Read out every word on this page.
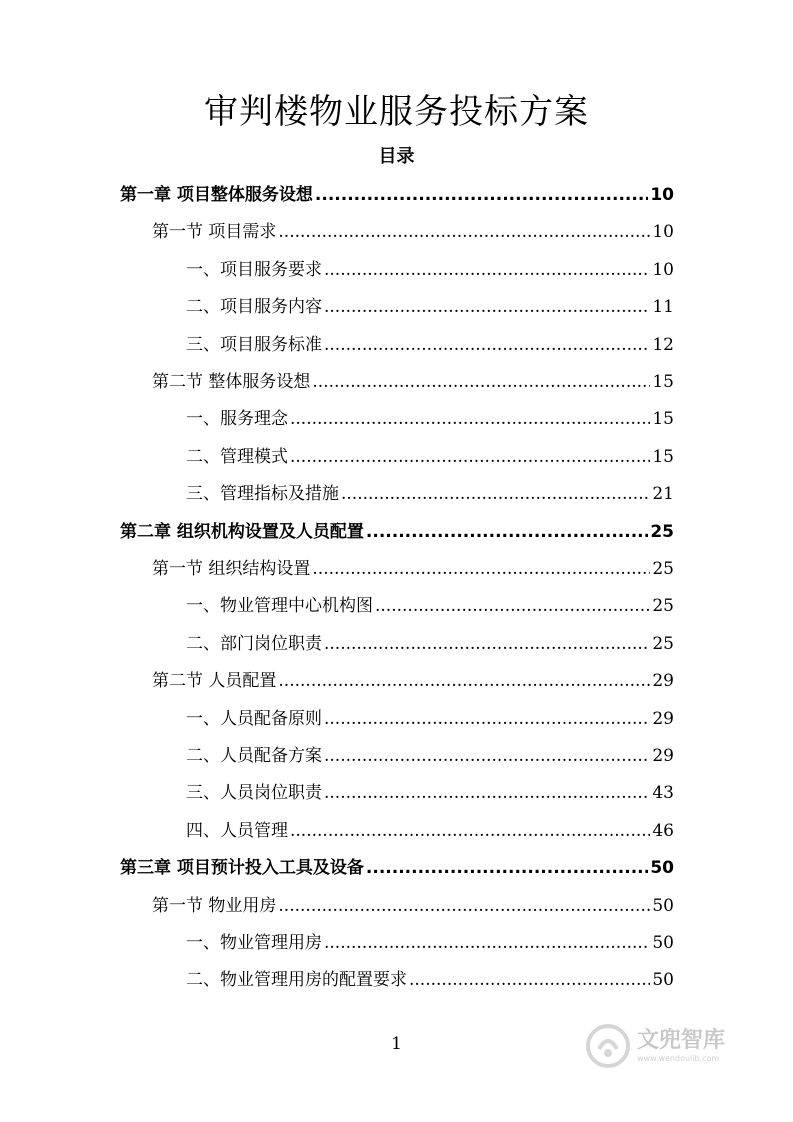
审判楼物业服务投标方案
目录
第一章 项目整体服务设想 .....	10
第一节 项目需求 .....	10
一、项目服务要求 .....	10
二、项目服务内容 .....	11
三、项目服务标准 .....	12
第二节 整体服务设想 .....	15
一、服务理念 .....	15
二、管理模式 .....	15
三、管理指标及措施 .....	21
第二章 组织机构设置及人员配置 .....	25
第一节 组织结构设置 .....	25
一、物业管理中心机构图 .....	25
二、部门岗位职责 .....	25
第二节 人员配置 .....	29
一、人员配备原则 .....	29
二、人员配备方案 .....	29
三、人员岗位职责 .....	43
四、人员管理 .....	46
第三章 项目预计投入工具及设备 .....	50
第一节 物业用房 .....	50
一、物业管理用房 .....	50
二、物业管理用房的配置要求 .....	50
1	文兜智库
www.wendoulib.com
